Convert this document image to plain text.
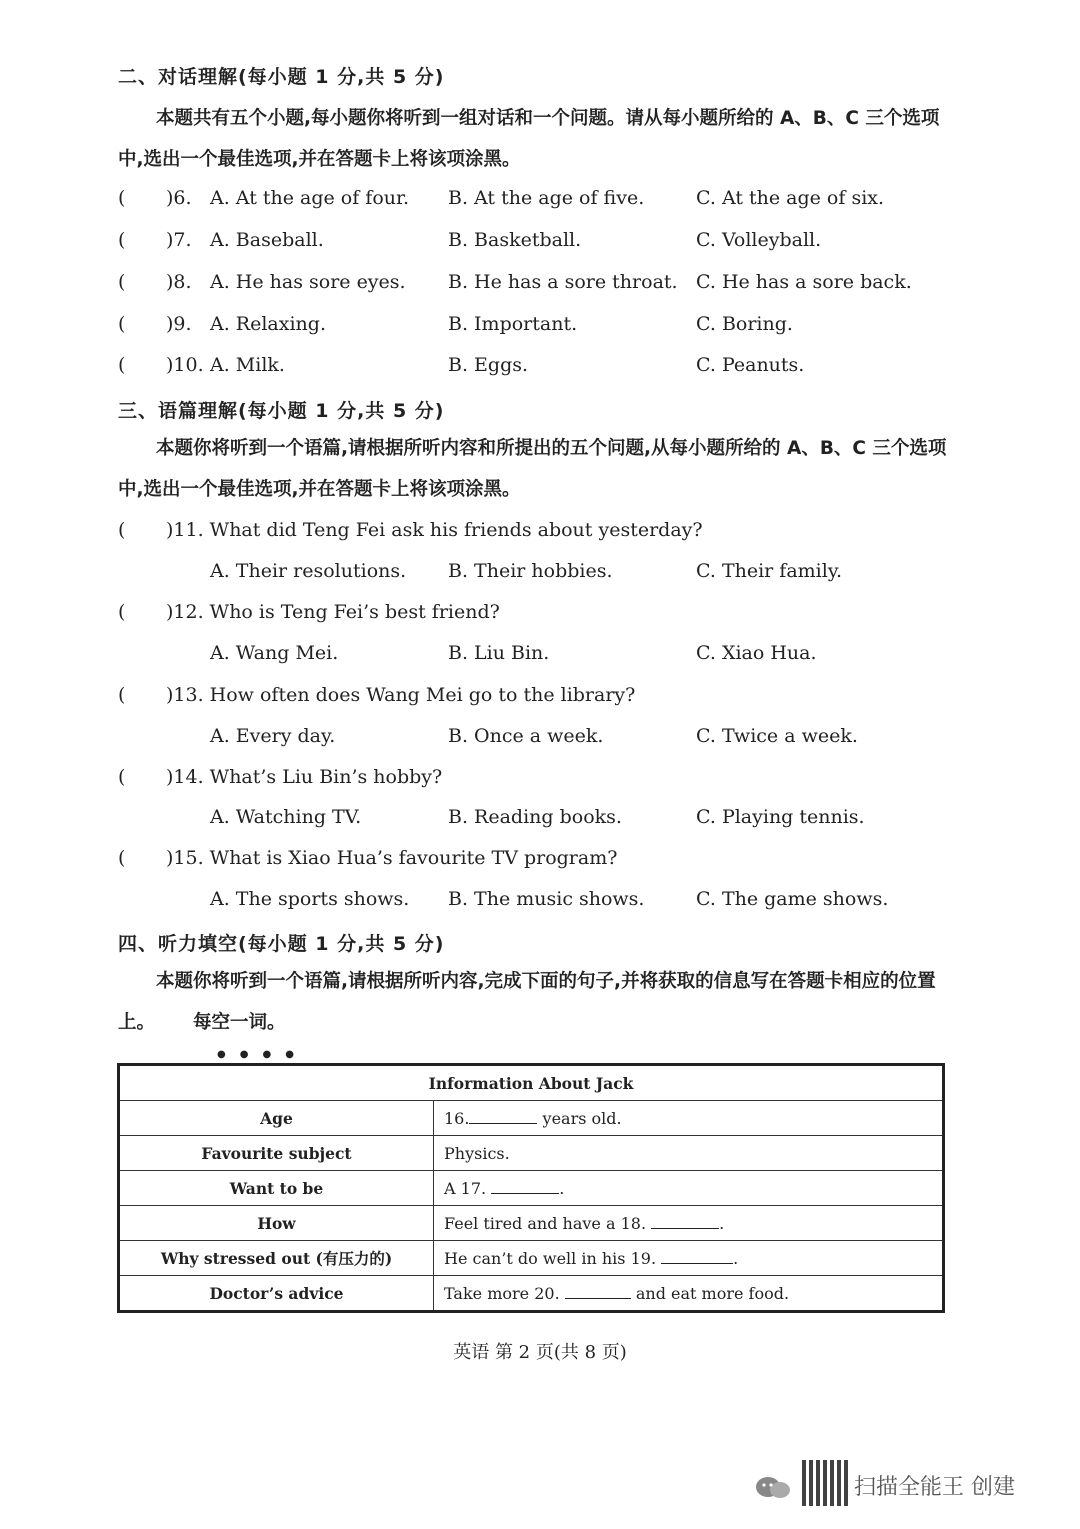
二、对话理解(每小题 1 分,共 5 分)
本题共有五个小题,每小题你将听到一组对话和一个问题。请从每小题所给的 A、B、C 三个选项中,选出一个最佳选项,并在答题卡上将该项涂黑。
( )6. A. At the age of four. B. At the age of five.	C. At the age of six.
( )7. A. Baseball.	B. Basketball.	C. Volleyball.
( )8. A. He has sore eyes. B. He has a sore throat. C. He has a sore back.
( )9. A. Relaxing.	B. Important.	C. Boring.
( )10. A. Milk.	B. Eggs.	C. Peanuts.
三、语篇理解(每小题 1 分,共 5 分)
本题你将听到一个语篇,请根据所听内容和所提出的五个问题,从每小题所给的 A、B、C 三个选项中,选出一个最佳选项,并在答题卡上将该项涂黑。
( )11. What did Teng Fei ask his friends about yesterday?
A. Their resolutions. B. Their hobbies.	C. Their family.
( )12. Who is Teng Fei’s best friend?
A. Wang Mei.	B. Liu Bin.	C. Xiao Hua.
( )13. How often does Wang Mei go to the library?
A. Every day.	B. Once a week.	C. Twice a week.
( )14. What’s Liu Bin’s hobby?
A. Watching TV.	B. Reading books.	C. Playing tennis.
( )15. What is Xiao Hua’s favourite TV program?
A. The sports shows. B. The music shows.	C. The game shows.
四、听力填空(每小题 1 分,共 5 分)
本题你将听到一个语篇,请根据所听内容,完成下面的句子,并将获取的信息写在答题卡相应的位置上。 每空一词
●●●●
。
Information About Jack	
Age	16. years old.
Favourite subject	Physics.
Want to be	A 17. .
How	Feel tired and have a 18. .
Why stressed out (有压力的)	He can’t do well in his 19. .
Doctor’s advice	Take more 20. and eat more food.
英语 第 2 页(共 8 页)
扫描全能王 创建
